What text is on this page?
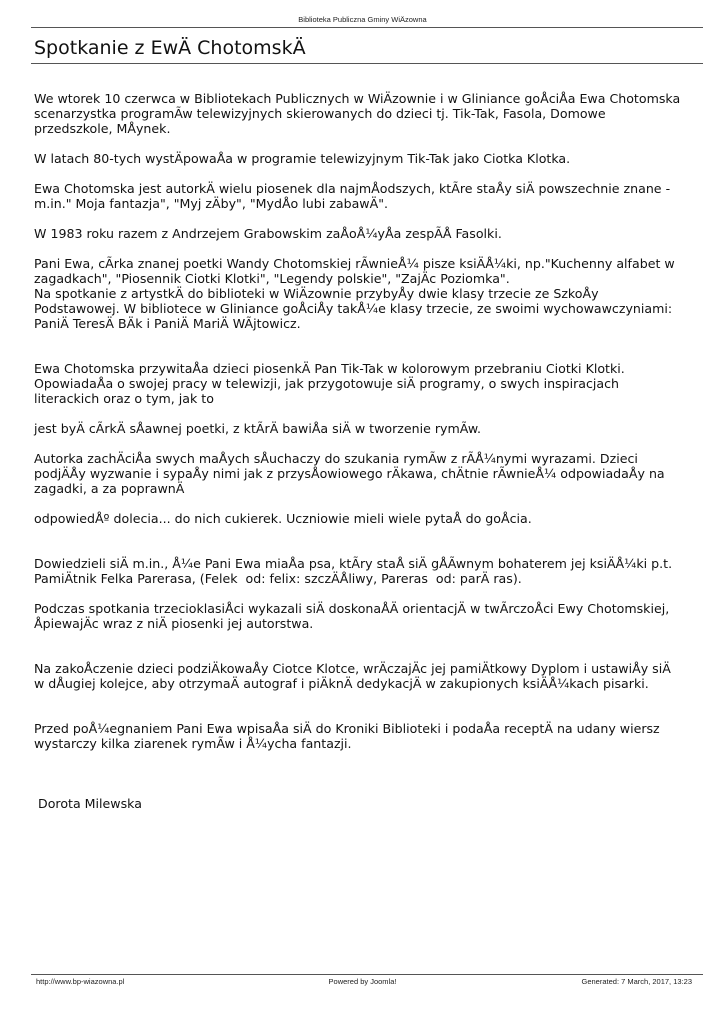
Biblioteka Publiczna Gminy WiÄzowna
Spotkanie z EwÄ ChotomskÄ

We wtorek 10 czerwca w Bibliotekach Publicznych w WiÄzownie i w Gliniance goÅciÅa Ewa Chotomska  scenarzystka programÃw telewizyjnych skierowanych do dzieci tj. Tik-Tak, Fasola, Domowe przedszkole, MÅynek.

W latach 80-tych wystÄpowaÅa w programie telewizyjnym Tik-Tak jako Ciotka Klotka.

Ewa Chotomska jest autorkÄ wielu piosenek dla najmÅodszych, ktÃre staÅy siÄ powszechnie znane - m.in." Moja fantazja", "Myj zÄby", "MydÅo lubi zabawÄ".

W 1983 roku razem z Andrzejem Grabowskim zaÅoÅ¼yÅa zespÃÅ Fasolki.

Pani Ewa, cÃrka znanej poetki Wandy Chotomskiej rÃwnieÅ¼ pisze ksiÄÅ¼ki, np."Kuchenny alfabet w zagadkach", "Piosennik Ciotki Klotki", "Legendy polskie", "ZajÄc Poziomka".
Na spotkanie z artystkÄ do biblioteki w WiÄzownie przybyÅy dwie klasy trzecie ze SzkoÅy Podstawowej. W bibliotece w Gliniance goÅciÅy takÅ¼e klasy trzecie, ze swoimi wychowawczyniami: PaniÄ TeresÄ BÄk i PaniÄ MariÄ WÃjtowicz.

Ewa Chotomska przywitaÅa dzieci piosenkÄ Pan Tik-Tak w kolorowym przebraniu Ciotki Klotki. OpowiadaÅa o swojej pracy w telewizji, jak przygotowuje siÄ programy, o swych inspiracjach literackich oraz o tym, jak to

jest byÄ cÃrkÄ sÅawnej poetki, z ktÃrÄ bawiÅa siÄ w tworzenie rymÃw.

Autorka zachÄciÅa swych maÅych sÅuchaczy do szukania rymÃw z rÃÅ¼nymi wyrazami. Dzieci podjÄÅy wyzwanie i sypaÅy nimi jak z przysÅowiowego rÄkawa, chÄtnie rÃwnieÅ¼ odpowiadaÅy na zagadki, a za poprawnÄ

odpowiedÅº dolecia... do nich cukierek. Uczniowie mieli wiele pytaÅ do goÅcia.

Dowiedzieli siÄ m.in., Å¼e Pani Ewa miaÅa psa, ktÃry staÅ siÄ gÅÃwnym bohaterem jej ksiÄÅ¼ki p.t. PamiÄtnik Felka Parerasa, (Felek  od: felix: szczÄÅliwy, Pareras  od: parÄ ras).

Podczas spotkania trzecioklasiÅci wykazali siÄ doskonaÅÄ orientacjÄ w twÃrczoÅci Ewy Chotomskiej, ÅpiewajÄc wraz z niÄ piosenki jej autorstwa.

Na zakoÅczenie dzieci podziÄkowaÅy Ciotce Klotce, wrÄczajÄc jej pamiÄtkowy Dyplom i ustawiÅy siÄ w dÅugiej kolejce, aby otrzymaÄ autograf i piÄknÄ dedykacjÄ w zakupionych ksiÄÅ¼kach pisarki.

Przed poÅ¼egnaniem Pani Ewa wpisaÅa siÄ do Kroniki Biblioteki i podaÅa receptÄ na udany wiersz  wystarczy kilka ziarenek rymÃw i Å¼ycha fantazji.

Dorota Milewska

http://www.bp-wiazowna.pl	Powered by Joomla!	Generated: 7 March, 2017, 13:23
